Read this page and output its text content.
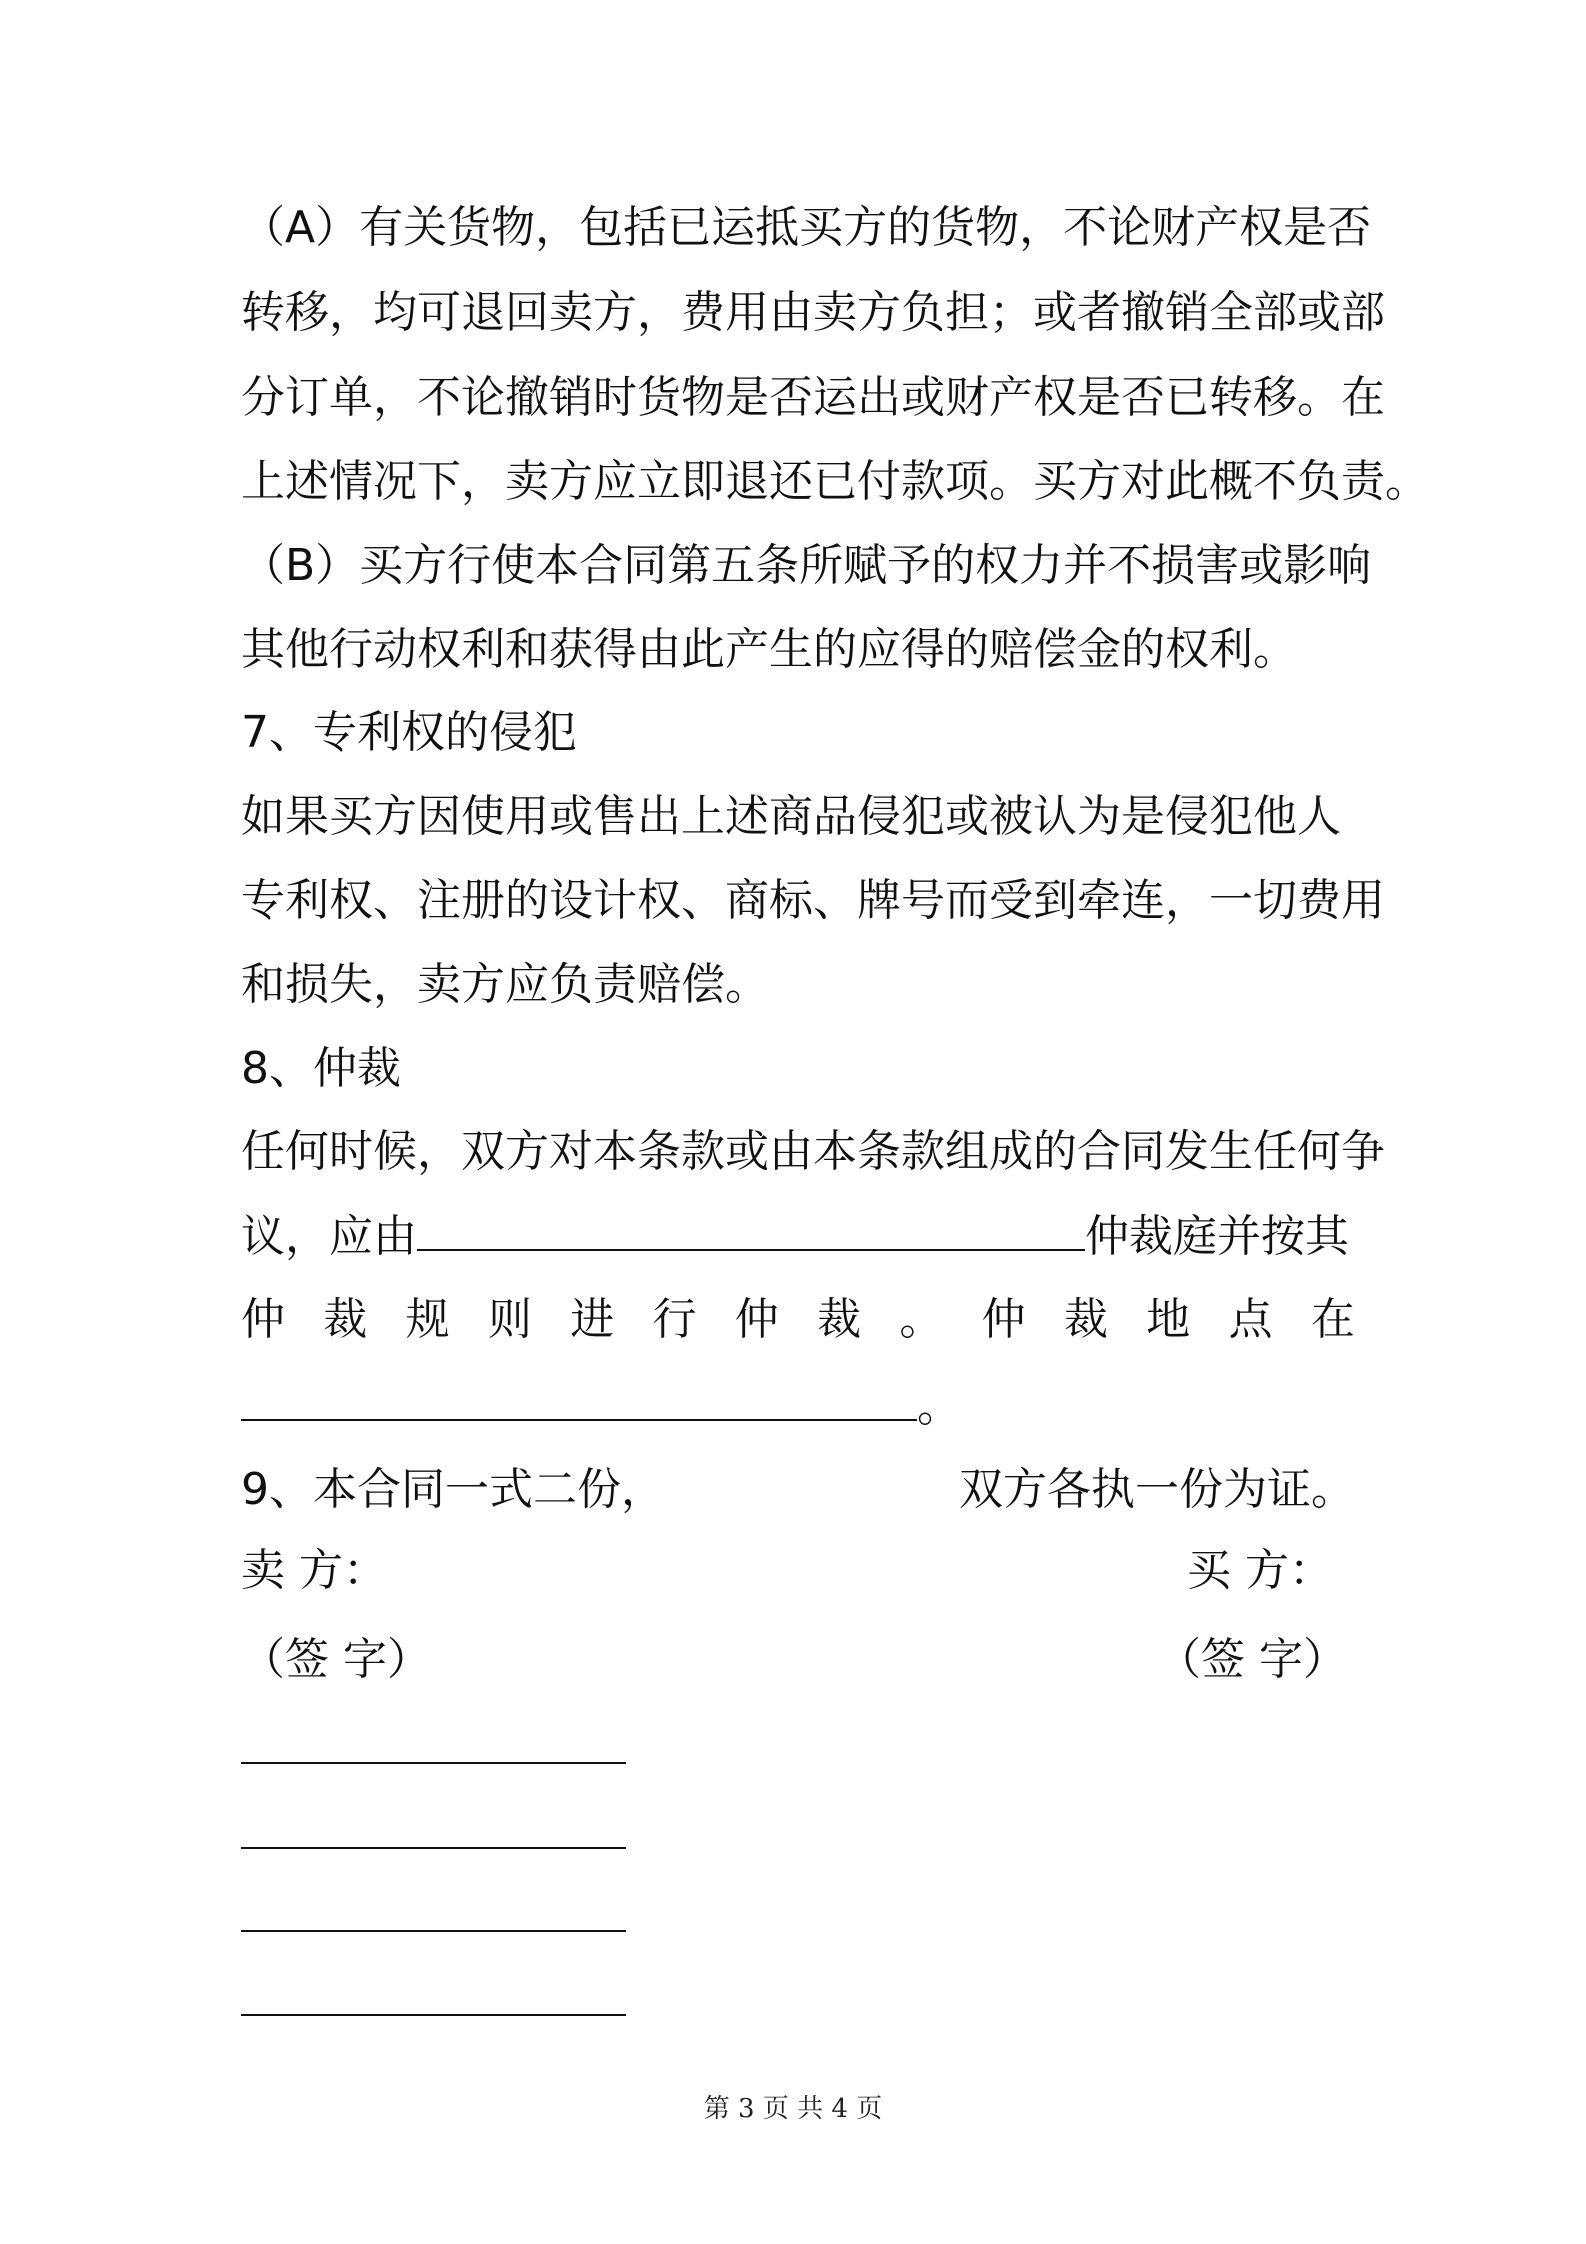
（A）有关货物，包括已运抵买方的货物，不论财产权是否
转移，均可退回卖方，费用由卖方负担；或者撤销全部或部
分订单，不论撤销时货物是否运出或财产权是否已转移。在
上述情况下，卖方应立即退还已付款项。买方对此概不负责。
（B）买方行使本合同第五条所赋予的权力并不损害或影响
其他行动权利和获得由此产生的应得的赔偿金的权利。
7、专利权的侵犯
如果买方因使用或售出上述商品侵犯或被认为是侵犯他人
专利权、注册的设计权、商标、牌号而受到牵连，一切费用
和损失，卖方应负责赔偿。
8、仲裁
任何时候，双方对本条款或由本条款组成的合同发生任何争
议，应由	仲裁庭并按其
仲 裁 规 则 进 行 仲 裁 。 仲 裁 地 点 在
。
9、本合同一式二份，	双方各执一份为证。
卖 方：	买 方：
（签 字）	（签 字）
第 3 页 共 4 页
